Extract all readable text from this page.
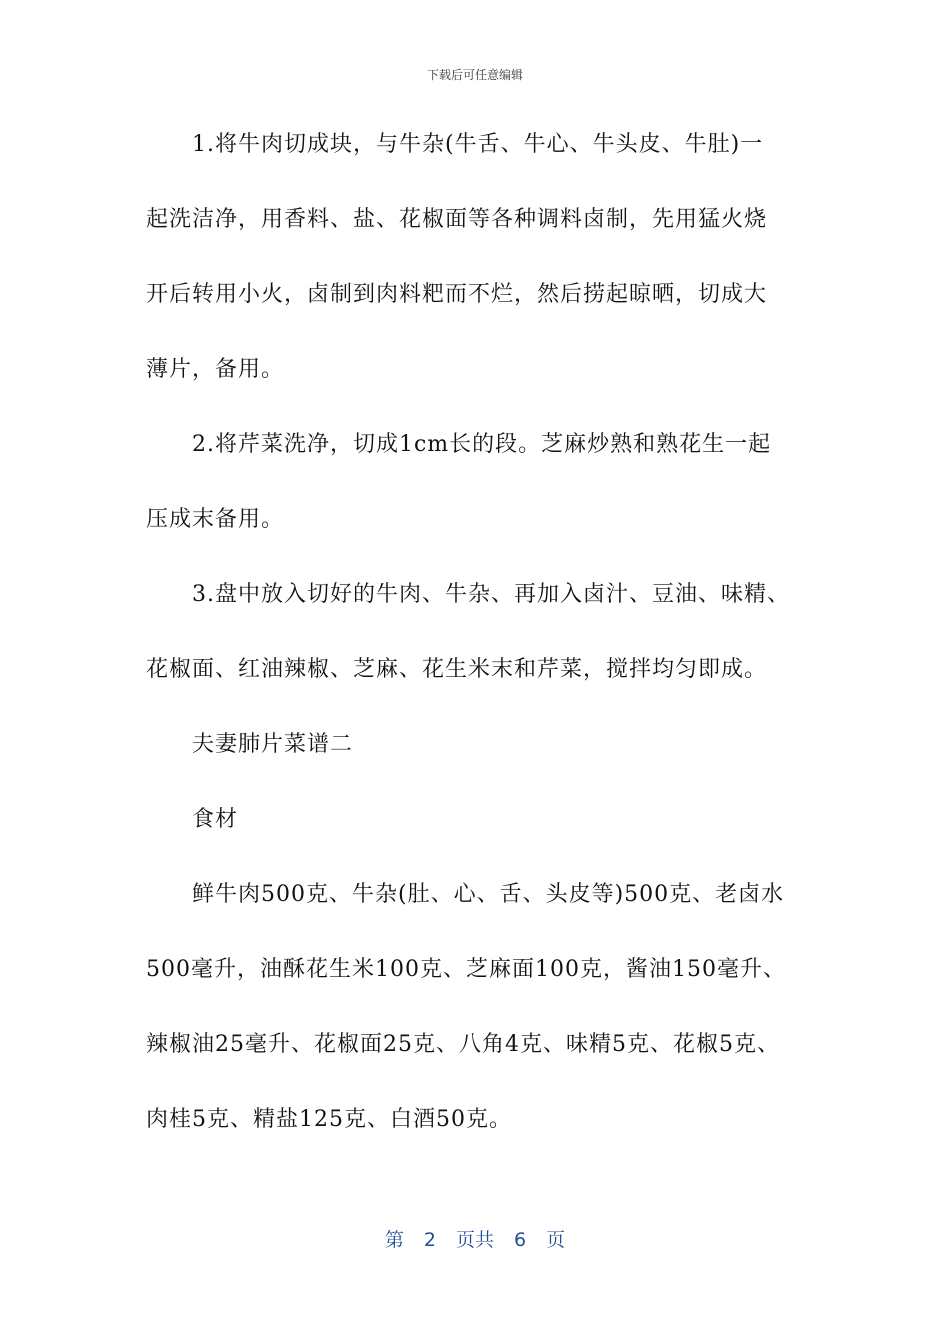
下载后可任意编辑
1.将牛肉切成块，与牛杂(牛舌、牛心、牛头皮、牛肚)一
起洗洁净，用香料、盐、花椒面等各种调料卤制，先用猛火烧
开后转用小火，卤制到肉料粑而不烂，然后捞起晾晒，切成大
薄片，备用。
2.将芹菜洗净，切成1cm长的段。芝麻炒熟和熟花生一起
压成末备用。
3.盘中放入切好的牛肉、牛杂、再加入卤汁、豆油、味精、
花椒面、红油辣椒、芝麻、花生米末和芹菜，搅拌均匀即成。
夫妻肺片菜谱二
食材
鲜牛肉500克、牛杂(肚、心、舌、头皮等)500克、老卤水
500毫升，油酥花生米100克、芝麻面100克，酱油150毫升、
辣椒油25毫升、花椒面25克、八角4克、味精5克、花椒5克、
肉桂5克、精盐125克、白酒50克。
第 2 页共 6 页
